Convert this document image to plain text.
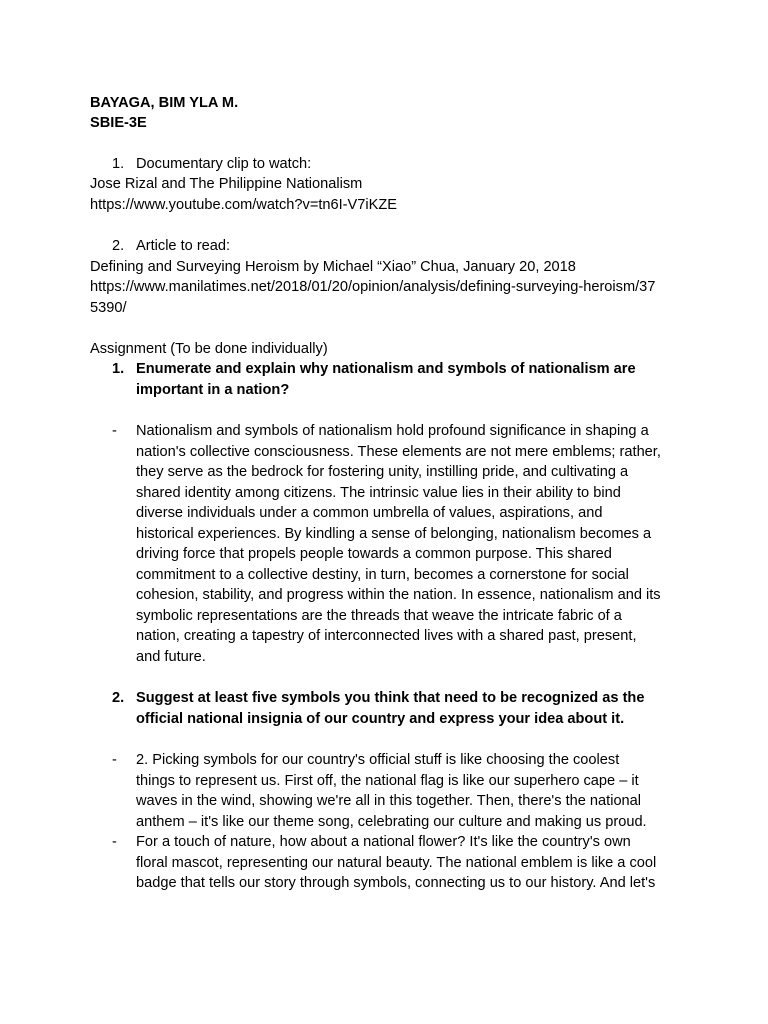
BAYAGA, BIM YLA M.
SBIE-3E
1. Documentary clip to watch:
Jose Rizal and The Philippine Nationalism
https://www.youtube.com/watch?v=tn6I-V7iKZE
2. Article to read:
Defining and Surveying Heroism by Michael “Xiao” Chua, January 20, 2018
https://www.manilatimes.net/2018/01/20/opinion/analysis/defining-surveying-heroism/37
5390/
Assignment (To be done individually)
1. Enumerate and explain why nationalism and symbols of nationalism are
important in a nation?
- Nationalism and symbols of nationalism hold profound significance in shaping a
nation's collective consciousness. These elements are not mere emblems; rather,
they serve as the bedrock for fostering unity, instilling pride, and cultivating a
shared identity among citizens. The intrinsic value lies in their ability to bind
diverse individuals under a common umbrella of values, aspirations, and
historical experiences. By kindling a sense of belonging, nationalism becomes a
driving force that propels people towards a common purpose. This shared
commitment to a collective destiny, in turn, becomes a cornerstone for social
cohesion, stability, and progress within the nation. In essence, nationalism and its
symbolic representations are the threads that weave the intricate fabric of a
nation, creating a tapestry of interconnected lives with a shared past, present,
and future.
2. Suggest at least five symbols you think that need to be recognized as the
official national insignia of our country and express your idea about it.
- 2. Picking symbols for our country's official stuff is like choosing the coolest
things to represent us. First off, the national flag is like our superhero cape – it
waves in the wind, showing we're all in this together. Then, there's the national
anthem – it's like our theme song, celebrating our culture and making us proud.
- For a touch of nature, how about a national flower? It's like the country's own
floral mascot, representing our natural beauty. The national emblem is like a cool
badge that tells our story through symbols, connecting us to our history. And let's
